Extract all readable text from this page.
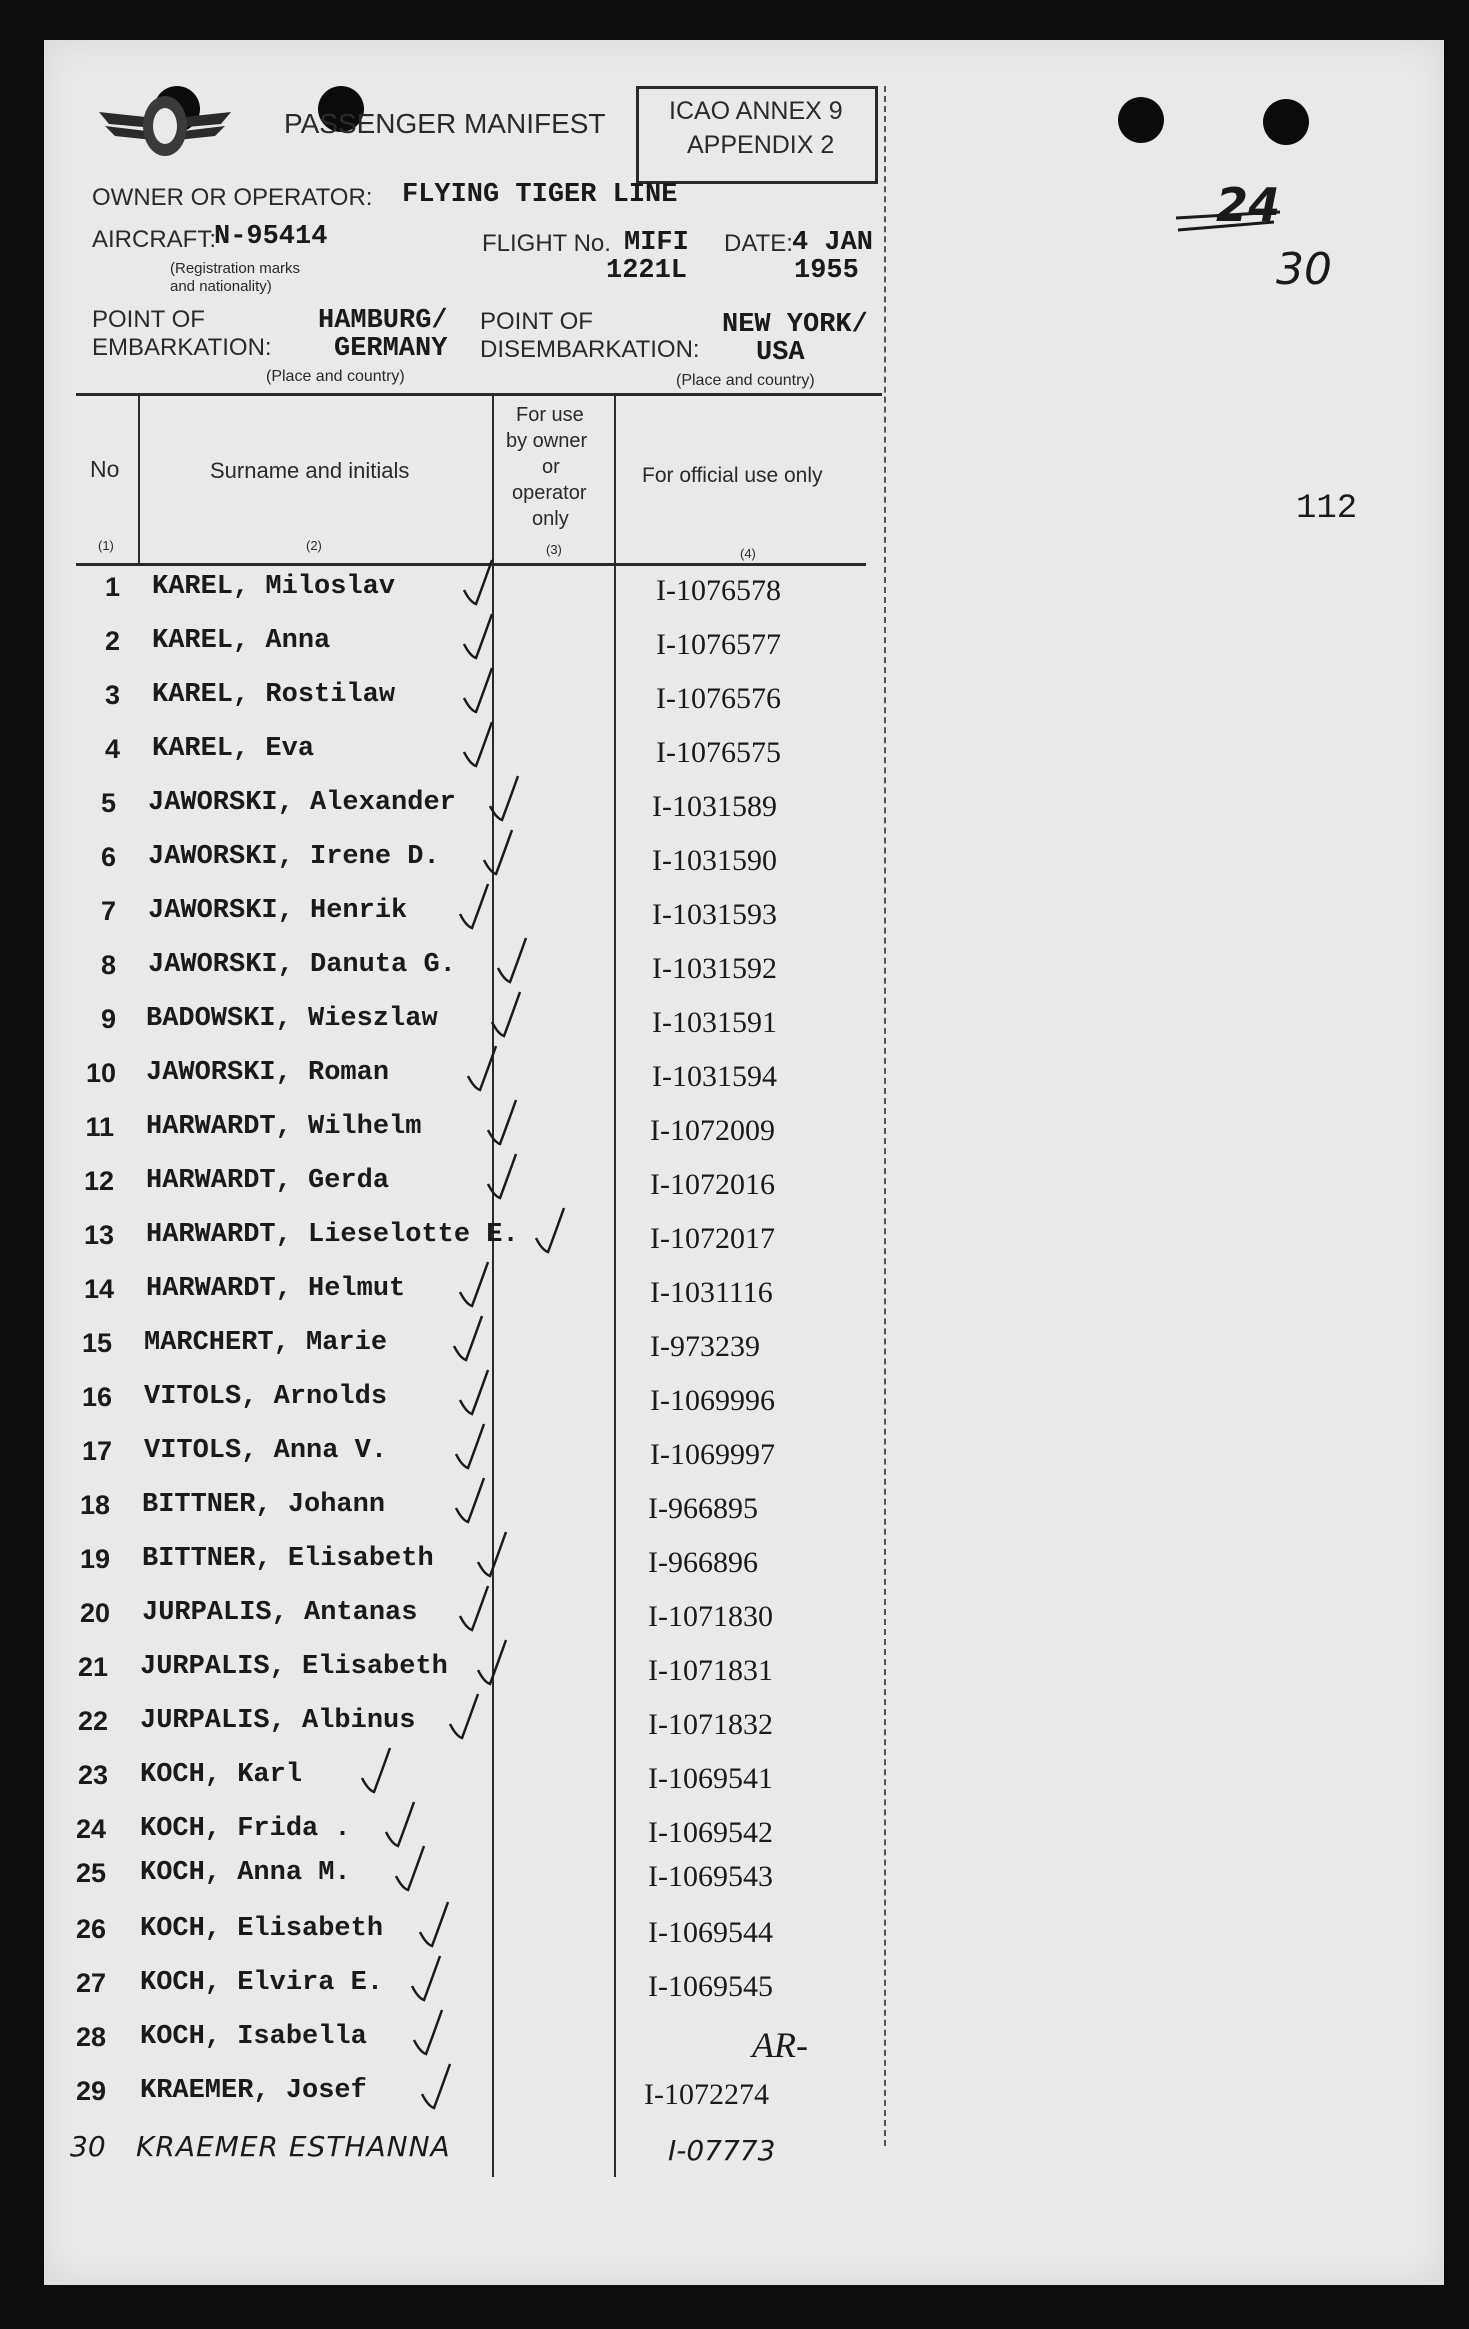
PASSENGER MANIFEST	ICAO ANNEX 9
APPENDIX 2
OWNER OR OPERATOR: FLYING TIGER LINE
AIRCRAFT:
N-95414
(Registration marks
and nationality)
FLIGHT No. MIFI
1221L
DATE: 4 JAN
1955
POINT OF
EMBARKATION:
HAMBURG/
GERMANY
(Place and country)
POINT OF
DISEMBARKATION:
NEW YORK/
USA
(Place and country)
24
30
112
No	Surname and initials
For use
by owner
or
operator
only
For official use only
(1)	(2)	(3)	(4)
1 KAREL, Miloslav	I-1076578
2 KAREL, Anna	I-1076577
3 KAREL, Rostilaw	I-1076576
4 KAREL, Eva	I-1076575
5 JAWORSKI, Alexander	I-1031589
6 JAWORSKI, Irene D.	I-1031590
7 JAWORSKI, Henrik	I-1031593
8 JAWORSKI, Danuta G.	I-1031592
9 BADOWSKI, Wieszlaw	I-1031591
10 JAWORSKI, Roman	I-1031594
11 HARWARDT, Wilhelm	I-1072009
12 HARWARDT, Gerda	I-1072016
13 HARWARDT, Lieselotte E.	I-1072017
14 HARWARDT, Helmut	I-1031116
15 MARCHERT, Marie	I-973239
16 VITOLS, Arnolds	I-1069996
17 VITOLS, Anna V.	I-1069997
18 BITTNER, Johann	I-966895
19 BITTNER, Elisabeth	I-966896
20 JURPALIS, Antanas	I-1071830
21 JURPALIS, Elisabeth	I-1071831
22 JURPALIS, Albinus	I-1071832
23 KOCH, Karl	I-1069541
24 KOCH, Frida .	I-1069542
25 KOCH, Anna M.	I-1069543
26 KOCH, Elisabeth	I-1069544
27 KOCH, Elvira E.	I-1069545
28 KOCH, Isabella	AR-
29 KRAEMER, Josef	I-1072274
30 KRAEMER ESTHANNA	I-07773
